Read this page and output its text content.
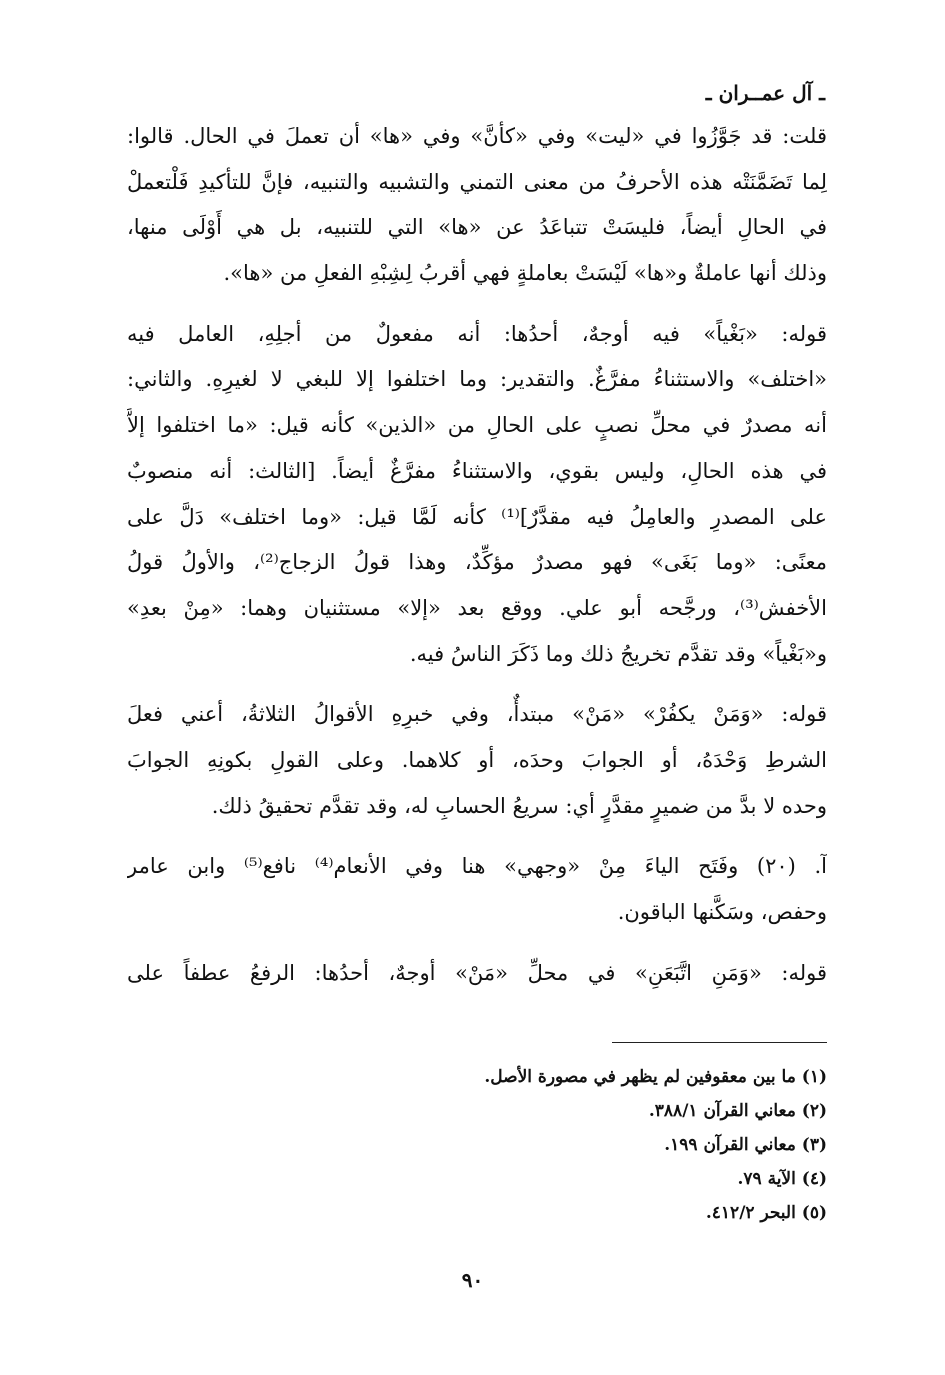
ـ آل عمــران ـ
قلت: قد جَوَّزُوا في «ليت» وفي «كأنَّ» وفي «ها» أن تعملَ في الحال. قالوا:
لِما تَضَمَّنَتْه هذه الأحرفُ من معنى التمني والتشبيه والتنبيه، فإنَّ للتأكيدِ فَلْتعملْ
في الحالِ أيضاً، فليسَتْ تتباعَدُ عن «ها» التي للتنبيه، بل هي أَوْلَى منها،
وذلك أنها عاملةٌ و«ها» لَيْسَتْ بعاملةٍ فهي أقربُ لِشِبْهِ الفعلِ من «ها».
قوله: «بَغْياً» فيه أوجهٌ، أحدُها: أنه مفعولٌ من أجلِهِ، العامل فيه
«اختلف» والاستثناءُ مفرَّغٌ. والتقدير: وما اختلفوا إلا للبغي لا لغيرِهِ. والثاني:
أنه مصدرٌ في محلِّ نصبٍ على الحالِ من «الذين» كأنه قيل: «ما اختلفوا إلاَّ
في هذه الحالِ، وليس بقوي، والاستثناءُ مفرَّغٌ أيضاً. [الثالث: أنه منصوبٌ
على المصدرِ والعامِلُ فيه مقدَّرٌ]⁽¹⁾ كأنه لَمَّا قيل: «وما اختلف» دَلَّ على
معنًى: «وما بَغَى» فهو مصدرٌ مؤكِّدٌ، وهذا قولُ الزجاج⁽²⁾، والأولُ قولُ
الأخفش⁽³⁾، ورجَّحه أبو علي. ووقع بعد «إلا» مستثنيان وهما: «مِنْ بعدِ»
و«بَغْياً» وقد تقدَّم تخريجُ ذلك وما ذَكَرَ الناسُ فيه.
قوله: «وَمَنْ يكفُرْ» «مَنْ» مبتدأٌ، وفي خبرِهِ الأقوالُ الثلاثةُ، أعني فعلَ
الشرطِ وَحْدَهُ، أو الجوابَ وحدَه، أو كلاهما. وعلى القولِ بكونِهِ الجوابَ
وحده لا بدَّ من ضميرٍ مقدَّرٍ أي: سريعُ الحسابِ له، وقد تقدَّم تحقيقُ ذلك.
آ. (٢٠) وفَتَح الياءَ مِنْ «وجهي» هنا وفي الأنعام⁽⁴⁾ نافع⁽⁵⁾ وابن عامر
وحفص، وسَكَّنها الباقون.
قوله: «وَمَنِ اتَّبَعَنِ» في محلِّ «مَنْ» أوجهٌ، أحدُها: الرفعُ عطفاً على
(١) ما بين معقوفين لم يظهر في مصورة الأصل.
(٢) معاني القرآن ٣٨٨/١.
(٣) معاني القرآن ١٩٩.
(٤) الآية ٧٩.
(٥) البحر ٤١٢/٢.
٩٠
